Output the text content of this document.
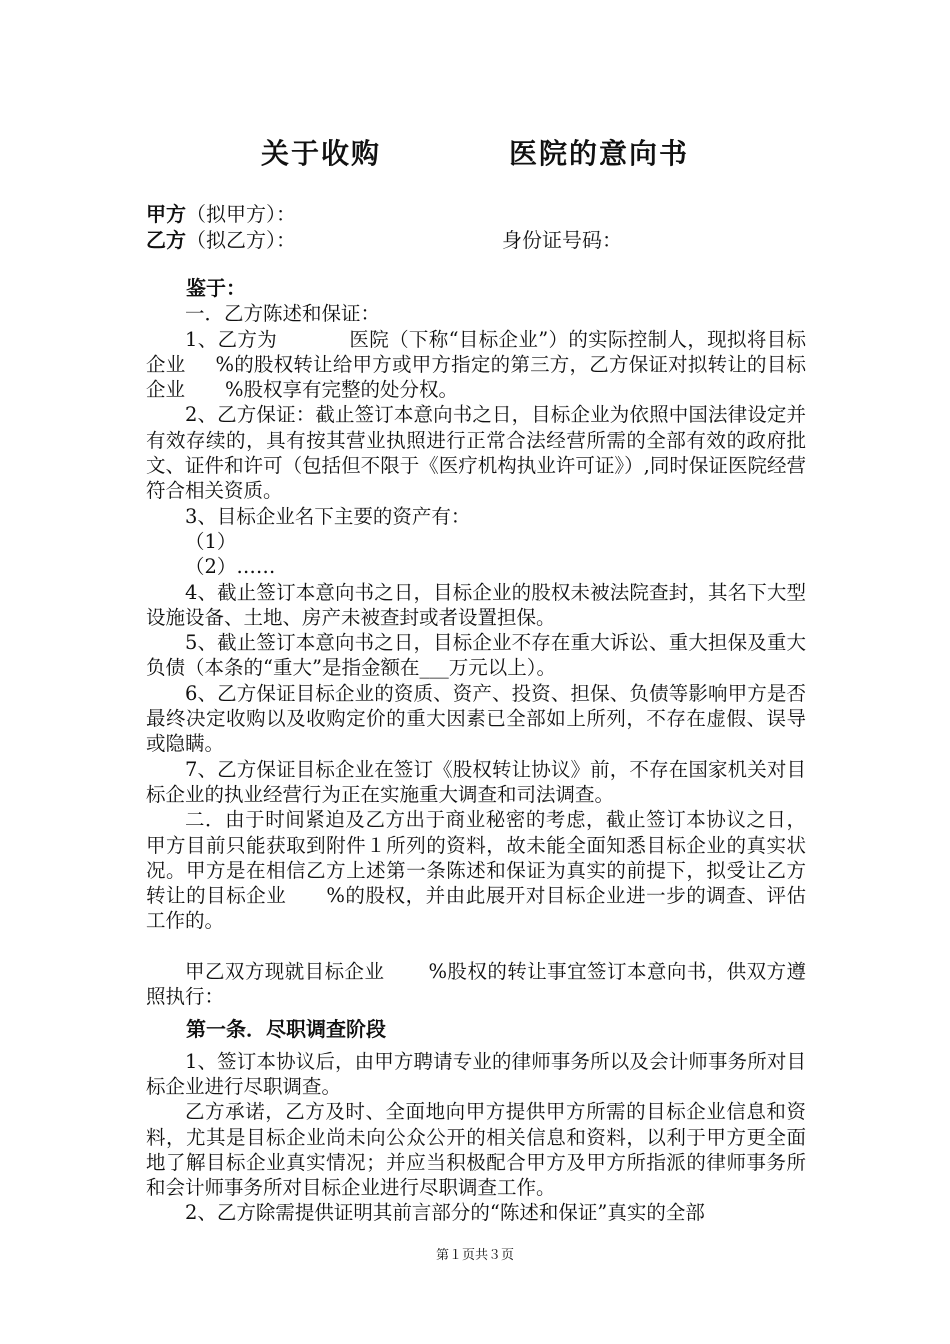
关于收购	医院的意向书
甲方（拟甲方）：
乙方（拟乙方）：	身份证号码：
鉴于：

一．乙方陈述和保证：

1、乙方为	医院（下称“目标企业”）的实际控制人，现拟将目标企业 %的股权转让给甲方或甲方指定的第三方，乙方保证对拟转让的目标企业 %股权享有完整的处分权。

2、乙方保证：截止签订本意向书之日，目标企业为依照中国法律设定并有效存续的，具有按其营业执照进行正常合法经营所需的全部有效的政府批文、证件和许可（包括但不限于《医疗机构执业许可证》）,同时保证医院经营符合相关资质。

3、目标企业名下主要的资产有：

（1）

（2）……

4、截止签订本意向书之日，目标企业的股权未被法院查封，其名下大型设施设备、土地、房产未被查封或者设置担保。

5、截止签订本意向书之日，目标企业不存在重大诉讼、重大担保及重大负债（本条的“重大”是指金额在___万元以上）。

6、乙方保证目标企业的资质、资产、投资、担保、负债等影响甲方是否最终决定收购以及收购定价的重大因素已全部如上所列，不存在虚假、误导或隐瞒。

7、乙方保证目标企业在签订《股权转让协议》前，不存在国家机关对目标企业的执业经营行为正在实施重大调查和司法调查。

二．由于时间紧迫及乙方出于商业秘密的考虑，截止签订本协议之日，甲方目前只能获取到附件１所列的资料，故未能全面知悉目标企业的真实状况。甲方是在相信乙方上述第一条陈述和保证为真实的前提下，拟受让乙方转让的目标企业 %的股权，并由此展开对目标企业进一步的调查、评估工作的。

甲乙双方现就目标企业 %股权的转让事宜签订本意向书，供双方遵照执行：

第一条．尽职调查阶段

1、签订本协议后，由甲方聘请专业的律师事务所以及会计师事务所对目标企业进行尽职调查。

乙方承诺，乙方及时、全面地向甲方提供甲方所需的目标企业信息和资料，尤其是目标企业尚未向公众公开的相关信息和资料，以利于甲方更全面地了解目标企业真实情况；并应当积极配合甲方及甲方所指派的律师事务所和会计师事务所对目标企业进行尽职调查工作。

2、乙方除需提供证明其前言部分的“陈述和保证”真实的全部

第１页共３页
